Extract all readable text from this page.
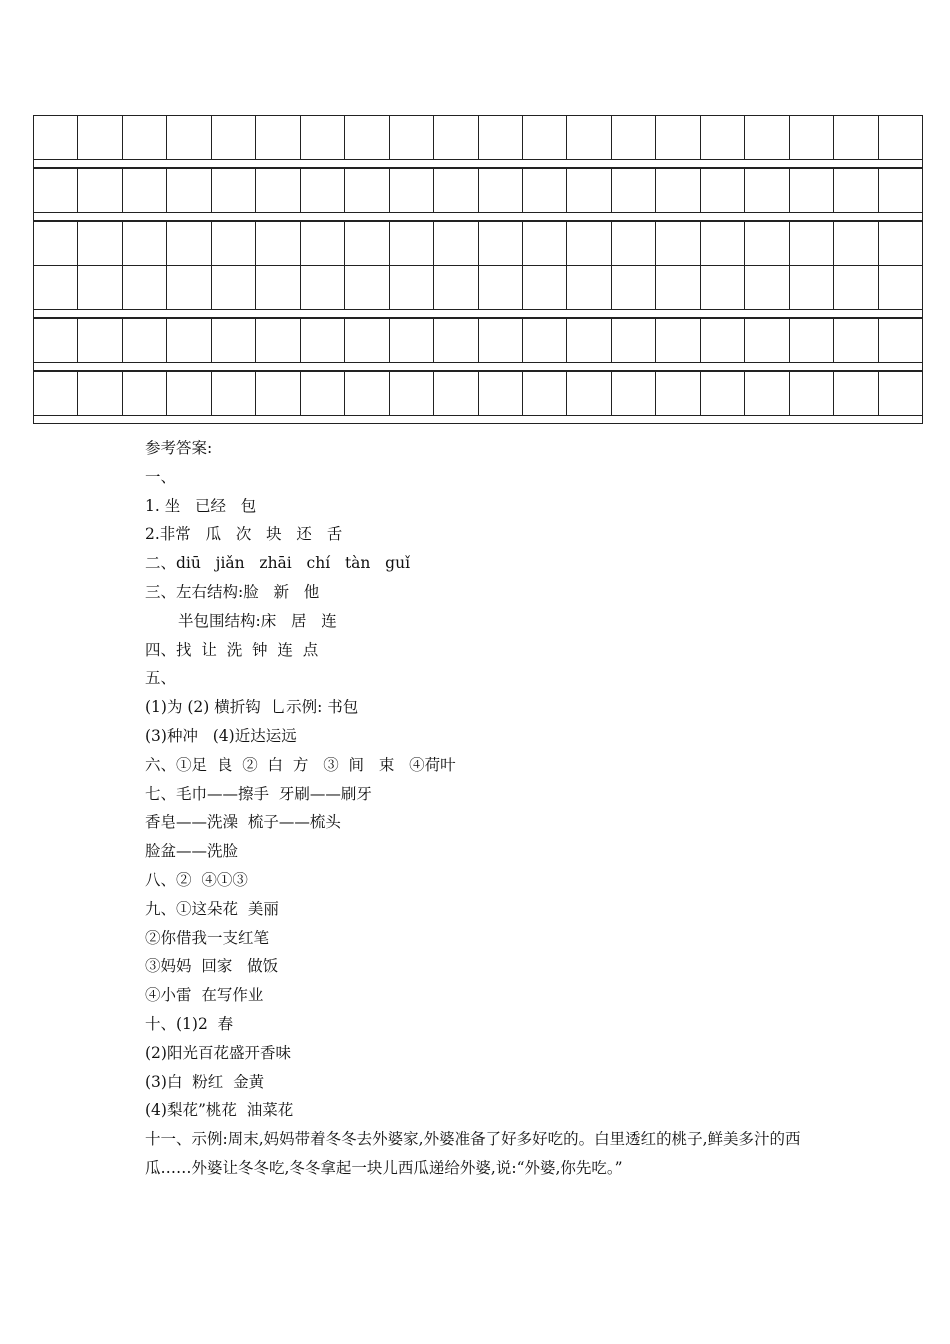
参考答案:
一、
1. 坐   已经   包
2.非常   瓜   次   块   还   舌
二、diū   jiǎn   zhāi   chí   tàn   guǐ
三、左右结构:脸   新   他
半包围结构:床   居   连
四、找  让  洗  钟  连  点
五、
(1)为 (2) 横折钩  乚示例: 书包
(3)种冲   (4)近达运远
六、①足  良  ②  白  方   ③  间   束   ④荷叶
七、毛巾——擦手  牙刷——刷牙
香皂——洗澡  梳子——梳头
脸盆——洗脸
八、②  ④①③
九、①这朵花  美丽
②你借我一支红笔
③妈妈  回家   做饭
④小雷  在写作业
十、(1)2  春
(2)阳光百花盛开香味
(3)白  粉红  金黄
(4)梨花”桃花  油菜花
十一、示例:周末,妈妈带着冬冬去外婆家,外婆准备了好多好吃的。白里透红的桃子,鲜美多汁的西瓜……外婆让冬冬吃,冬冬拿起一块儿西瓜递给外婆,说:“外婆,你先吃。”
